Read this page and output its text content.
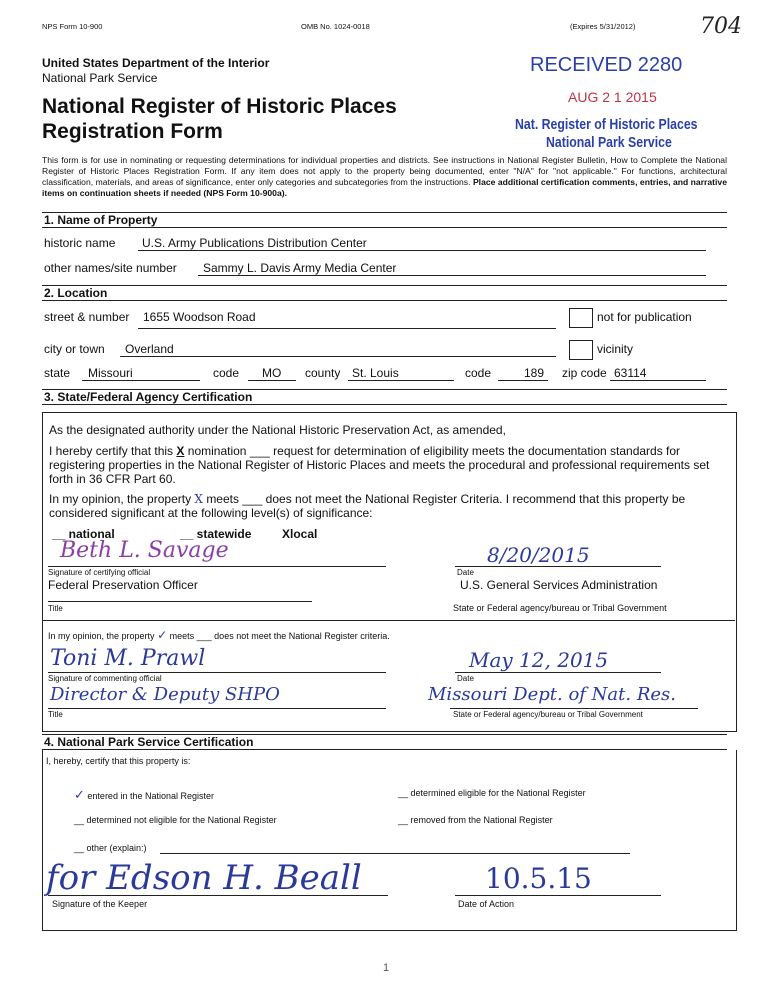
NPS Form 10-900	OMB No. 1024-0018	(Expires 5/31/2012)	704
United States Department of the Interior
National Park Service
National Register of Historic Places
Registration Form
RECEIVED 2280
AUG 2 1 2015
Nat. Register of Historic Places
National Park Service
This form is for use in nominating or requesting determinations for individual properties and districts. See instructions in National Register Bulletin, How to Complete the National Register of Historic Places Registration Form. If any item does not apply to the property being documented, enter "N/A" for "not applicable." For functions, architectural classification, materials, and areas of significance, enter only categories and subcategories from the instructions. Place additional certification comments, entries, and narrative items on continuation sheets if needed (NPS Form 10-900a).
1. Name of Property
historic name U.S. Army Publications Distribution Center
other names/site number Sammy L. Davis Army Media Center
2. Location
street & number 1655 Woodson Road	not for publication
city or town Overland	vicinity
state Missouri	code MO county St. Louis	code	189 zip code 63114
3. State/Federal Agency Certification
As the designated authority under the National Historic Preservation Act, as amended,
I hereby certify that this X nomination ___ request for determination of eligibility meets the documentation standards for registering properties in the National Register of Historic Places and meets the procedural and professional requirements set forth in 36 CFR Part 60.
In my opinion, the property X meets ___ does not meet the National Register Criteria. I recommend that this property be considered significant at the following level(s) of significance:
__ national	__ statewide	Xlocal
Beth L. Savage
Signature of certifying official
8/20/2015
Date
Federal Preservation Officer	U.S. General Services Administration
Title	State or Federal agency/bureau or Tribal Government
In my opinion, the property ✓ meets ___ does not meet the National Register criteria.
Toni M. Prawl
Signature of commenting official
May 12, 2015
Date
Director & Deputy SHPO
Title
Missouri Dept. of Nat. Res.
State or Federal agency/bureau or Tribal Government
4. National Park Service Certification
I, hereby, certify that this property is:
✓ entered in the National Register	__ determined eligible for the National Register
__ determined not eligible for the National Register	__ removed from the National Register
__ other (explain:)
for Edson H. Beall
Signature of the Keeper
10.5.15
Date of Action
1
